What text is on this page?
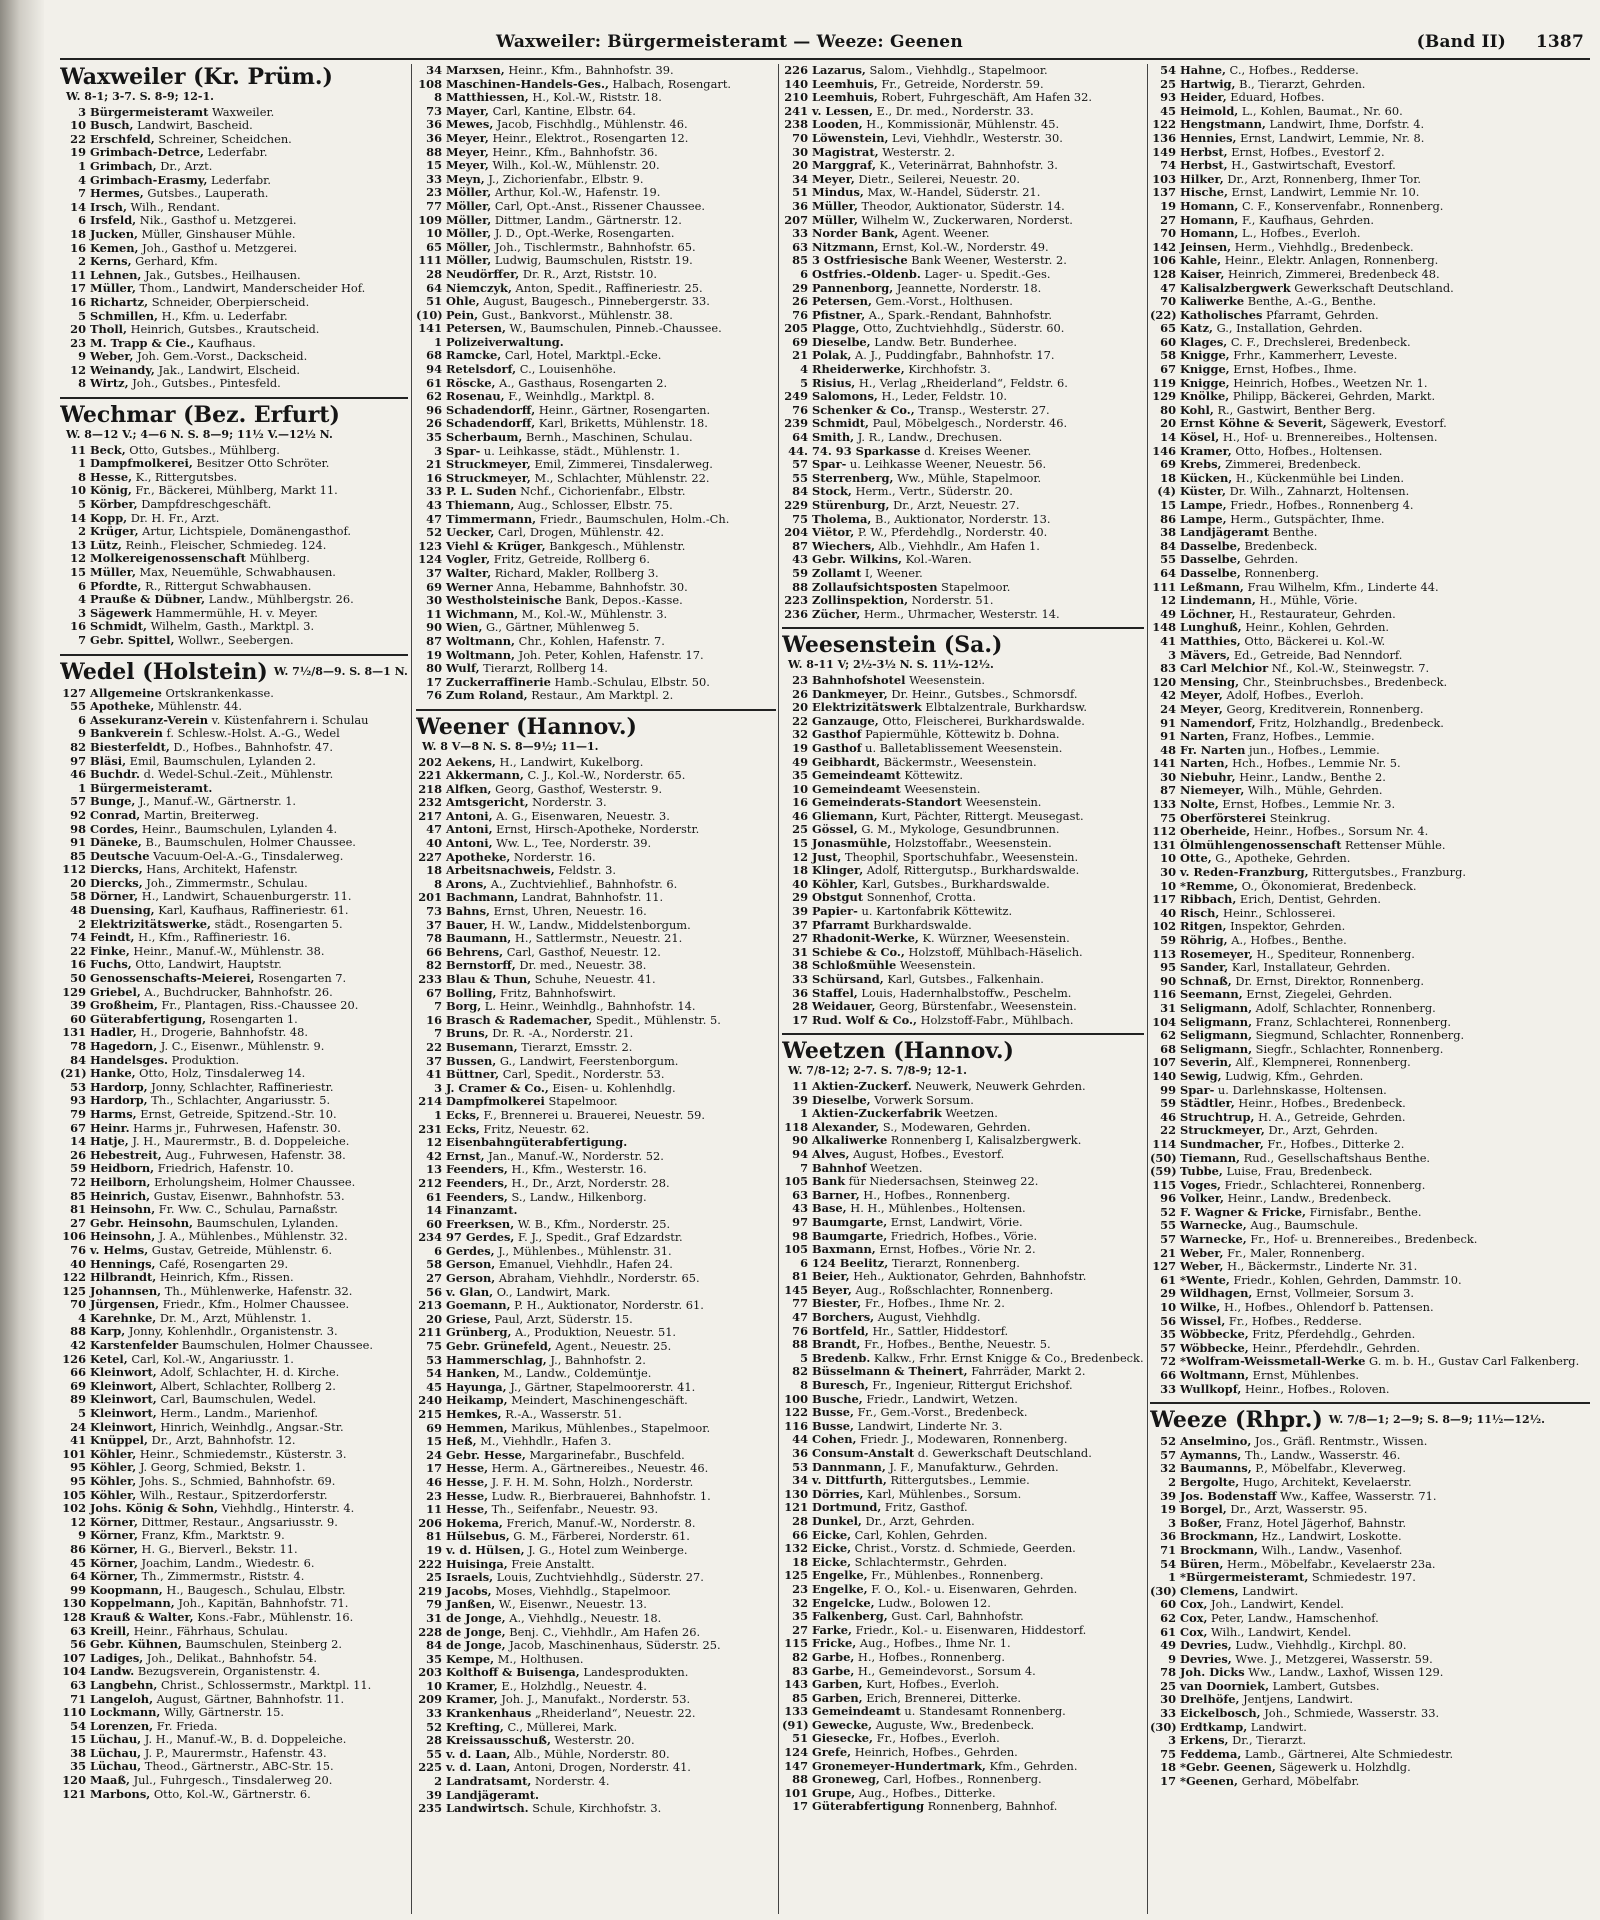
Waxweiler: Bürgermeisteramt — Weeze: Geenen	(Band II) 1387
Waxweiler (Kr. Prüm.)W. 8-1; 3-7. S. 8-9; 12-1.
3 Bürgermeisteramt Waxweiler.
10 Busch, Landwirt, Bascheid.
22 Erschfeld, Schreiner, Scheidchen.
19 Grimbach-Detrce, Lederfabr.
1 Grimbach, Dr., Arzt.
4 Grimbach-Erasmy, Lederfabr.
7 Hermes, Gutsbes., Lauperath.
14 Irsch, Wilh., Rendant.
6 Irsfeld, Nik., Gasthof u. Metzgerei.
18 Jucken, Müller, Ginshauser Mühle.
16 Kemen, Joh., Gasthof u. Metzgerei.
2 Kerns, Gerhard, Kfm.
11 Lehnen, Jak., Gutsbes., Heilhausen.
17 Müller, Thom., Landwirt, Manderscheider Hof.
16 Richartz, Schneider, Oberpierscheid.
5 Schmillen, H., Kfm. u. Lederfabr.
20 Tholl, Heinrich, Gutsbes., Krautscheid.
23 M. Trapp & Cie., Kaufhaus.
9 Weber, Joh. Gem.-Vorst., Dackscheid.
12 Weinandy, Jak., Landwirt, Elscheid.
8 Wirtz, Joh., Gutsbes., Pintesfeld.
Wechmar (Bez. Erfurt)W. 8—12 V.; 4—6 N. S. 8—9; 11½ V.—12½ N.
11 Beck, Otto, Gutsbes., Mühlberg.
1 Dampfmolkerei, Besitzer Otto Schröter.
8 Hesse, K., Rittergutsbes.
10 König, Fr., Bäckerei, Mühlberg, Markt 11.
5 Körber, Dampfdreschgeschäft.
14 Kopp, Dr. H. Fr., Arzt.
2 Krüger, Artur, Lichtspiele, Domänengasthof.
13 Lütz, Reinh., Fleischer, Schmiedeg. 124.
12 Molkereigenossenschaft Mühlberg.
15 Müller, Max, Neuemühle, Schwabhausen.
6 Pfordte, R., Rittergut Schwabhausen.
4 Prauße & Dübner, Landw., Mühlbergstr. 26.
3 Sägewerk Hammermühle, H. v. Meyer.
16 Schmidt, Wilhelm, Gasth., Marktpl. 3.
7 Gebr. Spittel, Wollwr., Seebergen.
Wedel (Holstein) W. 7½/8—9. S. 8—1 N.
127 Allgemeine Ortskrankenkasse.
55 Apotheke, Mühlenstr. 44.
6 Assekuranz-Verein v. Küstenfahrern i. Schulau
9 Bankverein f. Schlesw.-Holst. A.-G., Wedel
82 Biesterfeldt, D., Hofbes., Bahnhofstr. 47.
97 Bläsi, Emil, Baumschulen, Lylanden 2.
46 Buchdr. d. Wedel-Schul.-Zeit., Mühlenstr.
1 Bürgermeisteramt.
57 Bunge, J., Manuf.-W., Gärtnerstr. 1.
92 Conrad, Martin, Breiterweg.
98 Cordes, Heinr., Baumschulen, Lylanden 4.
91 Däneke, B., Baumschulen, Holmer Chaussee.
85 Deutsche Vacuum-Oel-A.-G., Tinsdalerweg.
112 Diercks, Hans, Architekt, Hafenstr.
20 Diercks, Joh., Zimmermstr., Schulau.
58 Dörner, H., Landwirt, Schauenburgerstr. 11.
48 Duensing, Karl, Kaufhaus, Raffineriestr. 61.
2 Elektrizitätswerke, städt., Rosengarten 5.
74 Feindt, H., Kfm., Raffineriestr. 16.
22 Finke, Heinr., Manuf.-W., Mühlenstr. 38.
16 Fuchs, Otto, Landwirt, Hauptstr.
50 Genossenschafts-Meierei, Rosengarten 7.
129 Griebel, A., Buchdrucker, Bahnhofstr. 26.
39 Großheim, Fr., Plantagen, Riss.-Chaussee 20.
60 Güterabfertigung, Rosengarten 1.
131 Hadler, H., Drogerie, Bahnhofstr. 48.
78 Hagedorn, J. C., Eisenwr., Mühlenstr. 9.
84 Handelsges. Produktion.
(21) Hanke, Otto, Holz, Tinsdalerweg 14.
53 Hardorp, Jonny, Schlachter, Raffineriestr.
93 Hardorp, Th., Schlachter, Angariusstr. 5.
79 Harms, Ernst, Getreide, Spitzend.-Str. 10.
67 Heinr. Harms jr., Fuhrwesen, Hafenstr. 30.
14 Hatje, J. H., Maurermstr., B. d. Doppeleiche.
26 Hebestreit, Aug., Fuhrwesen, Hafenstr. 38.
59 Heidborn, Friedrich, Hafenstr. 10.
72 Heilborn, Erholungsheim, Holmer Chaussee.
85 Heinrich, Gustav, Eisenwr., Bahnhofstr. 53.
81 Heinsohn, Fr. Ww. C., Schulau, Parnaßstr.
27 Gebr. Heinsohn, Baumschulen, Lylanden.
106 Heinsohn, J. A., Mühlenbes., Mühlenstr. 32.
76 v. Helms, Gustav, Getreide, Mühlenstr. 6.
40 Hennings, Café, Rosengarten 29.
122 Hilbrandt, Heinrich, Kfm., Rissen.
125 Johannsen, Th., Mühlenwerke, Hafenstr. 32.
70 Jürgensen, Friedr., Kfm., Holmer Chaussee.
4 Karehnke, Dr. M., Arzt, Mühlenstr. 1.
88 Karp, Jonny, Kohlenhdlr., Organistenstr. 3.
42 Karstenfelder Baumschulen, Holmer Chaussee.
126 Ketel, Carl, Kol.-W., Angariusstr. 1.
66 Kleinwort, Adolf, Schlachter, H. d. Kirche.
69 Kleinwort, Albert, Schlachter, Rollberg 2.
89 Kleinwort, Carl, Baumschulen, Wedel.
5 Kleinwort, Herm., Landm., Marienhof.
24 Kleinwort, Hinrich, Weinhdlg., Angsar.-Str.
41 Knüppel, Dr., Arzt, Bahnhofstr. 12.
101 Köhler, Heinr., Schmiedemstr., Küsterstr. 3.
95 Köhler, J. Georg, Schmied, Bekstr. 1.
95 Köhler, Johs. S., Schmied, Bahnhofstr. 69.
105 Köhler, Wilh., Restaur., Spitzerdorferstr.
102 Johs. König & Sohn, Viehhdlg., Hinterstr. 4.
12 Körner, Dittmer, Restaur., Angsariusstr. 9.
9 Körner, Franz, Kfm., Marktstr. 9.
86 Körner, H. G., Bierverl., Bekstr. 11.
45 Körner, Joachim, Landm., Wiedestr. 6.
64 Körner, Th., Zimmermstr., Riststr. 4.
99 Koopmann, H., Baugesch., Schulau, Elbstr.
130 Koppelmann, Joh., Kapitän, Bahnhofstr. 71.
128 Krauß & Walter, Kons.-Fabr., Mühlenstr. 16.
63 Kreill, Heinr., Fährhaus, Schulau.
56 Gebr. Kühnen, Baumschulen, Steinberg 2.
107 Ladiges, Joh., Delikat., Bahnhofstr. 54.
104 Landw. Bezugsverein, Organistenstr. 4.
63 Langbehn, Christ., Schlossermstr., Marktpl. 11.
71 Langeloh, August, Gärtner, Bahnhofstr. 11.
110 Lockmann, Willy, Gärtnerstr. 15.
54 Lorenzen, Fr. Frieda.
15 Lüchau, J. H., Manuf.-W., B. d. Doppeleiche.
38 Lüchau, J. P., Maurermstr., Hafenstr. 43.
35 Lüchau, Theod., Gärtnerstr., ABC-Str. 15.
120 Maaß, Jul., Fuhrgesch., Tinsdalerweg 20.
121 Marbons, Otto, Kol.-W., Gärtnerstr. 6.
34 Marxsen, Heinr., Kfm., Bahnhofstr. 39.
108 Maschinen-Handels-Ges., Halbach, Rosengart.
8 Matthiessen, H., Kol.-W., Riststr. 18.
73 Mayer, Carl, Kantine, Elbstr. 64.
36 Mewes, Jacob, Fischhdlg., Mühlenstr. 46.
36 Meyer, Heinr., Elektrot., Rosengarten 12.
88 Meyer, Heinr., Kfm., Bahnhofstr. 36.
15 Meyer, Wilh., Kol.-W., Mühlenstr. 20.
33 Meyn, J., Zichorienfabr., Elbstr. 9.
23 Möller, Arthur, Kol.-W., Hafenstr. 19.
77 Möller, Carl, Opt.-Anst., Rissener Chaussee.
109 Möller, Dittmer, Landm., Gärtnerstr. 12.
10 Möller, J. D., Opt.-Werke, Rosengarten.
65 Möller, Joh., Tischlermstr., Bahnhofstr. 65.
111 Möller, Ludwig, Baumschulen, Riststr. 19.
28 Neudörffer, Dr. R., Arzt, Riststr. 10.
64 Niemczyk, Anton, Spedit., Raffineriestr. 25.
51 Ohle, August, Baugesch., Pinnebergerstr. 33.
(10) Pein, Gust., Bankvorst., Mühlenstr. 38.
141 Petersen, W., Baumschulen, Pinneb.-Chaussee.
1 Polizeiverwaltung.
68 Ramcke, Carl, Hotel, Marktpl.-Ecke.
94 Retelsdorf, C., Louisenhöhe.
61 Röscke, A., Gasthaus, Rosengarten 2.
62 Rosenau, F., Weinhdlg., Marktpl. 8.
96 Schadendorff, Heinr., Gärtner, Rosengarten.
26 Schadendorff, Karl, Briketts, Mühlenstr. 18.
35 Scherbaum, Bernh., Maschinen, Schulau.
3 Spar- u. Leihkasse, städt., Mühlenstr. 1.
21 Struckmeyer, Emil, Zimmerei, Tinsdalerweg.
16 Struckmeyer, M., Schlachter, Mühlenstr. 22.
33 P. L. Suden Nchf., Cichorienfabr., Elbstr.
43 Thiemann, Aug., Schlosser, Elbstr. 75.
47 Timmermann, Friedr., Baumschulen, Holm.-Ch.
52 Uecker, Carl, Drogen, Mühlenstr. 42.
123 Viehl & Krüger, Bankgesch., Mühlenstr.
124 Vogler, Fritz, Getreide, Rollberg 6.
37 Walter, Richard, Makler, Rollberg 3.
69 Werner Anna, Hebamme, Bahnhofstr. 30.
30 Westholsteinische Bank, Depos.-Kasse.
11 Wichmann, M., Kol.-W., Mühlenstr. 3.
90 Wien, G., Gärtner, Mühlenweg 5.
87 Woltmann, Chr., Kohlen, Hafenstr. 7.
19 Woltmann, Joh. Peter, Kohlen, Hafenstr. 17.
80 Wulf, Tierarzt, Rollberg 14.
17 Zuckerraffinerie Hamb.-Schulau, Elbstr. 50.
76 Zum Roland, Restaur., Am Marktpl. 2.
Weener (Hannov.)W. 8 V—8 N. S. 8—9½; 11—1.
202 Aekens, H., Landwirt, Kukelborg.
221 Akkermann, C. J., Kol.-W., Norderstr. 65.
218 Alfken, Georg, Gasthof, Westerstr. 9.
232 Amtsgericht, Norderstr. 3.
217 Antoni, A. G., Eisenwaren, Neuestr. 3.
47 Antoni, Ernst, Hirsch-Apotheke, Norderstr.
40 Antoni, Ww. L., Tee, Norderstr. 39.
227 Apotheke, Norderstr. 16.
18 Arbeitsnachweis, Feldstr. 3.
8 Arons, A., Zuchtviehlief., Bahnhofstr. 6.
201 Bachmann, Landrat, Bahnhofstr. 11.
73 Bahns, Ernst, Uhren, Neuestr. 16.
37 Bauer, H. W., Landw., Middelstenborgum.
78 Baumann, H., Sattlermstr., Neuestr. 21.
66 Behrens, Carl, Gasthof, Neuestr. 12.
82 Bernstorff, Dr. med., Neuestr. 38.
233 Blau & Thun, Schuhe, Neuestr. 41.
67 Bolling, Fritz, Bahnhofswirt.
7 Borg, L. Heinr., Weinhdlg., Bahnhofstr. 14.
16 Brasch & Rademacher, Spedit., Mühlenstr. 5.
7 Bruns, Dr. R. -A., Norderstr. 21.
22 Busemann, Tierarzt, Emsstr. 2.
37 Bussen, G., Landwirt, Feerstenborgum.
41 Büttner, Carl, Spedit., Norderstr. 53.
3 J. Cramer & Co., Eisen- u. Kohlenhdlg.
214 Dampfmolkerei Stapelmoor.
1 Ecks, F., Brennerei u. Brauerei, Neuestr. 59.
231 Ecks, Fritz, Neuestr. 62.
12 Eisenbahngüterabfertigung.
42 Ernst, Jan., Manuf.-W., Norderstr. 52.
13 Feenders, H., Kfm., Westerstr. 16.
212 Feenders, H., Dr., Arzt, Norderstr. 28.
61 Feenders, S., Landw., Hilkenborg.
14 Finanzamt.
60 Freerksen, W. B., Kfm., Norderstr. 25.
234 97 Gerdes, F. J., Spedit., Graf Edzardstr.
6 Gerdes, J., Mühlenbes., Mühlenstr. 31.
58 Gerson, Emanuel, Viehhdlr., Hafen 24.
27 Gerson, Abraham, Viehhdlr., Norderstr. 65.
56 v. Glan, O., Landwirt, Mark.
213 Goemann, P. H., Auktionator, Norderstr. 61.
20 Griese, Paul, Arzt, Süderstr. 15.
211 Grünberg, A., Produktion, Neuestr. 51.
75 Gebr. Grünefeld, Agent., Neuestr. 25.
53 Hammerschlag, J., Bahnhofstr. 2.
54 Hanken, M., Landw., Coldemüntje.
45 Hayunga, J., Gärtner, Stapelmoorerstr. 41.
240 Heikamp, Meindert, Maschinengeschäft.
215 Hemkes, R.-A., Wasserstr. 51.
69 Hemmen, Marikus, Mühlenbes., Stapelmoor.
15 Heß, M., Viehhdlr., Hafen 3.
24 Gebr. Hesse, Margarinefabr., Buschfeld.
17 Hesse, Herm. A., Gärtnereibes., Neuestr. 46.
46 Hesse, J. F. H. M. Sohn, Holzh., Norderstr.
23 Hesse, Ludw. R., Bierbrauerei, Bahnhofstr. 1.
11 Hesse, Th., Seifenfabr., Neuestr. 93.
206 Hokema, Frerich, Manuf.-W., Norderstr. 8.
81 Hülsebus, G. M., Färberei, Norderstr. 61.
19 v. d. Hülsen, J. G., Hotel zum Weinberge.
222 Huisinga, Freie Anstaltt.
25 Israels, Louis, Zuchtviehhdlg., Süderstr. 27.
219 Jacobs, Moses, Viehhdlg., Stapelmoor.
79 Janßen, W., Eisenwr., Neuestr. 13.
31 de Jonge, A., Viehhdlg., Neuestr. 18.
228 de Jonge, Benj. C., Viehhdlr., Am Hafen 26.
84 de Jonge, Jacob, Maschinenhaus, Süderstr. 25.
35 Kempe, M., Holthusen.
203 Kolthoff & Buisenga, Landesprodukten.
10 Kramer, E., Holzhdlg., Neuestr. 4.
209 Kramer, Joh. J., Manufakt., Norderstr. 53.
33 Krankenhaus „Rheiderland“, Neuestr. 22.
52 Krefting, C., Müllerei, Mark.
28 Kreissausschuß, Westerstr. 20.
55 v. d. Laan, Alb., Mühle, Norderstr. 80.
225 v. d. Laan, Antoni, Drogen, Norderstr. 41.
2 Landratsamt, Norderstr. 4.
39 Landjägeramt.
235 Landwirtsch. Schule, Kirchhofstr. 3.
226 Lazarus, Salom., Viehhdlg., Stapelmoor.
140 Leemhuis, Fr., Getreide, Norderstr. 59.
210 Leemhuis, Robert, Fuhrgeschäft, Am Hafen 32.
241 v. Lessen, E., Dr. med., Norderstr. 33.
238 Looden, H., Kommissionär, Mühlenstr. 45.
70 Löwenstein, Levi, Viehhdlr., Westerstr. 30.
30 Magistrat, Westerstr. 2.
20 Marggraf, K., Veterinärrat, Bahnhofstr. 3.
34 Meyer, Dietr., Seilerei, Neuestr. 20.
51 Mindus, Max, W.-Handel, Süderstr. 21.
36 Müller, Theodor, Auktionator, Süderstr. 14.
207 Müller, Wilhelm W., Zuckerwaren, Norderst.
33 Norder Bank, Agent. Weener.
63 Nitzmann, Ernst, Kol.-W., Norderstr. 49.
85 3 Ostfriesische Bank Weener, Westerstr. 2.
6 Ostfries.-Oldenb. Lager- u. Spedit.-Ges.
29 Pannenborg, Jeannette, Norderstr. 18.
26 Petersen, Gem.-Vorst., Holthusen.
76 Pfistner, A., Spark.-Rendant, Bahnhofstr.
205 Plagge, Otto, Zuchtviehhdlg., Süderstr. 60.
69 Dieselbe, Landw. Betr. Bunderhee.
21 Polak, A. J., Puddingfabr., Bahnhofstr. 17.
4 Rheiderwerke, Kirchhofstr. 3.
5 Risius, H., Verlag „Rheiderland“, Feldstr. 6.
249 Salomons, H., Leder, Feldstr. 10.
76 Schenker & Co., Transp., Westerstr. 27.
239 Schmidt, Paul, Möbelgesch., Norderstr. 46.
64 Smith, J. R., Landw., Drechusen.
44. 74. 93 Sparkasse d. Kreises Weener.
57 Spar- u. Leihkasse Weener, Neuestr. 56.
55 Sterrenberg, Ww., Mühle, Stapelmoor.
84 Stock, Herm., Vertr., Süderstr. 20.
229 Stürenburg, Dr., Arzt, Neuestr. 27.
75 Tholema, B., Auktionator, Norderstr. 13.
204 Viëtor, P. W., Pferdehdlg., Norderstr. 40.
87 Wiechers, Alb., Viehhdlr., Am Hafen 1.
43 Gebr. Wilkins, Kol.-Waren.
59 Zollamt I, Weener.
88 Zollaufsichtsposten Stapelmoor.
223 Zollinspektion, Norderstr. 51.
236 Zücher, Herm., Uhrmacher, Westerstr. 14.
Weesenstein (Sa.)W. 8-11 V; 2½-3½ N. S. 11½-12½.
23 Bahnhofshotel Weesenstein.
26 Dankmeyer, Dr. Heinr., Gutsbes., Schmorsdf.
20 Elektrizitätswerk Elbtalzentrale, Burkhardsw.
22 Ganzauge, Otto, Fleischerei, Burkhardswalde.
32 Gasthof Papiermühle, Köttewitz b. Dohna.
19 Gasthof u. Balletablissement Weesenstein.
49 Geibhardt, Bäckermstr., Weesenstein.
35 Gemeindeamt Köttewitz.
10 Gemeindeamt Weesenstein.
16 Gemeinderats-Standort Weesenstein.
46 Gliemann, Kurt, Pächter, Rittergt. Meusegast.
25 Gössel, G. M., Mykologe, Gesundbrunnen.
15 Jonasmühle, Holzstoffabr., Weesenstein.
12 Just, Theophil, Sportschuhfabr., Weesenstein.
18 Klinger, Adolf, Rittergutsp., Burkhardswalde.
40 Köhler, Karl, Gutsbes., Burkhardswalde.
29 Obstgut Sonnenhof, Crotta.
39 Papier- u. Kartonfabrik Köttewitz.
37 Pfarramt Burkhardswalde.
27 Rhadonit-Werke, K. Würzner, Weesenstein.
31 Schiebe & Co., Holzstoff, Mühlbach-Häselich.
38 Schloßmühle Weesenstein.
33 Schürsand, Karl, Gutsbes., Falkenhain.
36 Staffel, Louis, Hadernhalbstoffw., Peschelm.
28 Weidauer, Georg, Bürstenfabr., Weesenstein.
17 Rud. Wolf & Co., Holzstoff-Fabr., Mühlbach.
Weetzen (Hannov.)W. 7/8-12; 2-7. S. 7/8-9; 12-1.
11 Aktien-Zuckerf. Neuwerk, Neuwerk Gehrden.
39 Dieselbe, Vorwerk Sorsum.
1 Aktien-Zuckerfabrik Weetzen.
118 Alexander, S., Modewaren, Gehrden.
90 Alkaliwerke Ronnenberg I, Kalisalzbergwerk.
94 Alves, August, Hofbes., Evestorf.
7 Bahnhof Weetzen.
105 Bank für Niedersachsen, Steinweg 22.
63 Barner, H., Hofbes., Ronnenberg.
43 Base, H. H., Mühlenbes., Holtensen.
97 Baumgarte, Ernst, Landwirt, Vörie.
98 Baumgarte, Friedrich, Hofbes., Vörie.
105 Baxmann, Ernst, Hofbes., Vörie Nr. 2.
6 124 Beelitz, Tierarzt, Ronnenberg.
81 Beier, Heh., Auktionator, Gehrden, Bahnhofstr.
145 Beyer, Aug., Roßschlachter, Ronnenberg.
77 Biester, Fr., Hofbes., Ihme Nr. 2.
47 Borchers, August, Viehhdlg.
76 Bortfeld, Hr., Sattler, Hiddestorf.
88 Brandt, Fr., Hofbes., Benthe, Neuestr. 5.
5 Bredenb. Kalkw., Frhr. Ernst Knigge & Co., Bredenbeck.
82 Büsselmann & Theinert, Fahrräder, Markt 2.
8 Buresch, Fr., Ingenieur, Rittergut Erichshof.
100 Busche, Friedr., Landwirt, Wetzen.
122 Busse, Fr., Gem.-Vorst., Bredenbeck.
116 Busse, Landwirt, Linderte Nr. 3.
44 Cohen, Friedr. J., Modewaren, Ronnenberg.
36 Consum-Anstalt d. Gewerkschaft Deutschland.
53 Dannmann, J. F., Manufakturw., Gehrden.
34 v. Dittfurth, Rittergutsbes., Lemmie.
130 Dörries, Karl, Mühlenbes., Sorsum.
121 Dortmund, Fritz, Gasthof.
28 Dunkel, Dr., Arzt, Gehrden.
66 Eicke, Carl, Kohlen, Gehrden.
132 Eicke, Christ., Vorstz. d. Schmiede, Geerden.
18 Eicke, Schlachtermstr., Gehrden.
125 Engelke, Fr., Mühlenbes., Ronnenberg.
23 Engelke, F. O., Kol.- u. Eisenwaren, Gehrden.
32 Engelcke, Ludw., Bolowen 12.
35 Falkenberg, Gust. Carl, Bahnhofstr.
27 Farke, Friedr., Kol.- u. Eisenwaren, Hiddestorf.
115 Fricke, Aug., Hofbes., Ihme Nr. 1.
82 Garbe, H., Hofbes., Ronnenberg.
83 Garbe, H., Gemeindevorst., Sorsum 4.
143 Garben, Kurt, Hofbes., Everloh.
85 Garben, Erich, Brennerei, Ditterke.
133 Gemeindeamt u. Standesamt Ronnenberg.
(91) Gewecke, Auguste, Ww., Bredenbeck.
51 Giesecke, Fr., Hofbes., Everloh.
124 Grefe, Heinrich, Hofbes., Gehrden.
147 Gronemeyer-Hundertmark, Kfm., Gehrden.
88 Groneweg, Carl, Hofbes., Ronnenberg.
101 Grupe, Aug., Hofbes., Ditterke.
17 Güterabfertigung Ronnenberg, Bahnhof.
54 Hahne, C., Hofbes., Redderse.
25 Hartwig, B., Tierarzt, Gehrden.
93 Heider, Eduard, Hofbes.
45 Heimold, L., Kohlen, Baumat., Nr. 60.
122 Hengstmann, Landwirt, Ihme, Dorfstr. 4.
136 Hennies, Ernst, Landwirt, Lemmie, Nr. 8.
149 Herbst, Ernst, Hofbes., Evestorf 2.
74 Herbst, H., Gastwirtschaft, Evestorf.
103 Hilker, Dr., Arzt, Ronnenberg, Ihmer Tor.
137 Hische, Ernst, Landwirt, Lemmie Nr. 10.
19 Homann, C. F., Konservenfabr., Ronnenberg.
27 Homann, F., Kaufhaus, Gehrden.
70 Homann, L., Hofbes., Everloh.
142 Jeinsen, Herm., Viehhdlg., Bredenbeck.
106 Kahle, Heinr., Elektr. Anlagen, Ronnenberg.
128 Kaiser, Heinrich, Zimmerei, Bredenbeck 48.
47 Kalisalzbergwerk Gewerkschaft Deutschland.
70 Kaliwerke Benthe, A.-G., Benthe.
(22) Katholisches Pfarramt, Gehrden.
65 Katz, G., Installation, Gehrden.
60 Klages, C. F., Drechslerei, Bredenbeck.
58 Knigge, Frhr., Kammerherr, Leveste.
67 Knigge, Ernst, Hofbes., Ihme.
119 Knigge, Heinrich, Hofbes., Weetzen Nr. 1.
129 Knölke, Philipp, Bäckerei, Gehrden, Markt.
80 Kohl, R., Gastwirt, Benther Berg.
20 Ernst Köhne & Severit, Sägewerk, Evestorf.
14 Kösel, H., Hof- u. Brennereibes., Holtensen.
146 Kramer, Otto, Hofbes., Holtensen.
69 Krebs, Zimmerei, Bredenbeck.
18 Kücken, H., Kückenmühle bei Linden.
(4) Küster, Dr. Wilh., Zahnarzt, Holtensen.
15 Lampe, Friedr., Hofbes., Ronnenberg 4.
86 Lampe, Herm., Gutspächter, Ihme.
38 Landjägeramt Benthe.
84 Dasselbe, Bredenbeck.
55 Dasselbe, Gehrden.
64 Dasselbe, Ronnenberg.
111 Leßmann, Frau Wilhelm, Kfm., Linderte 44.
12 Lindemann, H., Mühle, Vörie.
49 Löchner, H., Restaurateur, Gehrden.
148 Lunghuß, Heinr., Kohlen, Gehrden.
41 Matthies, Otto, Bäckerei u. Kol.-W.
3 Mävers, Ed., Getreide, Bad Nenndorf.
83 Carl Melchior Nf., Kol.-W., Steinwegstr. 7.
120 Mensing, Chr., Steinbruchsbes., Bredenbeck.
42 Meyer, Adolf, Hofbes., Everloh.
24 Meyer, Georg, Kreditverein, Ronnenberg.
91 Namendorf, Fritz, Holzhandlg., Bredenbeck.
91 Narten, Franz, Hofbes., Lemmie.
48 Fr. Narten jun., Hofbes., Lemmie.
141 Narten, Hch., Hofbes., Lemmie Nr. 5.
30 Niebuhr, Heinr., Landw., Benthe 2.
87 Niemeyer, Wilh., Mühle, Gehrden.
133 Nolte, Ernst, Hofbes., Lemmie Nr. 3.
75 Oberförsterei Steinkrug.
112 Oberheide, Heinr., Hofbes., Sorsum Nr. 4.
131 Ölmühlengenossenschaft Rettenser Mühle.
10 Otte, G., Apotheke, Gehrden.
30 v. Reden-Franzburg, Rittergutsbes., Franzburg.
10 *Remme, O., Ökonomierat, Bredenbeck.
117 Ribbach, Erich, Dentist, Gehrden.
40 Risch, Heinr., Schlosserei.
102 Ritgen, Inspektor, Gehrden.
59 Röhrig, A., Hofbes., Benthe.
113 Rosemeyer, H., Spediteur, Ronnenberg.
95 Sander, Karl, Installateur, Gehrden.
90 Schnaß, Dr. Ernst, Direktor, Ronnenberg.
116 Seemann, Ernst, Ziegelei, Gehrden.
31 Seligmann, Adolf, Schlachter, Ronnenberg.
104 Seligmann, Franz, Schlachterei, Ronnenberg.
62 Seligmann, Siegmund, Schlachter, Ronnenberg.
68 Seligmann, Siegfr., Schlachter, Ronnenberg.
107 Severin, Alf., Klempnerei, Ronnenberg.
140 Sewig, Ludwig, Kfm., Gehrden.
99 Spar- u. Darlehnskasse, Holtensen.
59 Städtler, Heinr., Hofbes., Bredenbeck.
46 Struchtrup, H. A., Getreide, Gehrden.
22 Struckmeyer, Dr., Arzt, Gehrden.
114 Sundmacher, Fr., Hofbes., Ditterke 2.
(50) Tiemann, Rud., Gesellschaftshaus Benthe.
(59) Tubbe, Luise, Frau, Bredenbeck.
115 Voges, Friedr., Schlachterei, Ronnenberg.
96 Volker, Heinr., Landw., Bredenbeck.
52 F. Wagner & Fricke, Firnisfabr., Benthe.
55 Warnecke, Aug., Baumschule.
57 Warnecke, Fr., Hof- u. Brennereibes., Bredenbeck.
21 Weber, Fr., Maler, Ronnenberg.
127 Weber, H., Bäckermstr., Linderte Nr. 31.
61 *Wente, Friedr., Kohlen, Gehrden, Dammstr. 10.
29 Wildhagen, Ernst, Vollmeier, Sorsum 3.
10 Wilke, H., Hofbes., Ohlendorf b. Pattensen.
56 Wissel, Fr., Hofbes., Redderse.
35 Wöbbecke, Fritz, Pferdehdlg., Gehrden.
57 Wöbbecke, Heinr., Pferdehdlr., Gehrden.
72 *Wolfram-Weissmetall-Werke G. m. b. H., Gustav Carl Falkenberg.
66 Woltmann, Ernst, Mühlenbes.
33 Wullkopf, Heinr., Hofbes., Roloven.
Weeze (Rhpr.) W. 7/8—1; 2—9; S. 8—9; 11½—12½.
52 Anselmino, Jos., Gräfl. Rentmstr., Wissen.
57 Aymanns, Th., Landw., Wasserstr. 46.
32 Baumanns, P., Möbelfabr., Kleverweg.
2 Bergolte, Hugo, Architekt, Kevelaerstr.
39 Jos. Bodenstaff Ww., Kaffee, Wasserstr. 71.
19 Borgel, Dr., Arzt, Wasserstr. 95.
3 Boßer, Franz, Hotel Jägerhof, Bahnstr.
36 Brockmann, Hz., Landwirt, Loskotte.
71 Brockmann, Wilh., Landw., Vasenhof.
54 Büren, Herm., Möbelfabr., Kevelaerstr 23a.
1 *Bürgermeisteramt, Schmiedestr. 197.
(30) Clemens, Landwirt.
60 Cox, Joh., Landwirt, Kendel.
62 Cox, Peter, Landw., Hamschenhof.
61 Cox, Wilh., Landwirt, Kendel.
49 Devries, Ludw., Viehhdlg., Kirchpl. 80.
9 Devries, Wwe. J., Metzgerei, Wasserstr. 59.
78 Joh. Dicks Ww., Landw., Laxhof, Wissen 129.
25 van Doorniek, Lambert, Gutsbes.
30 Drelhöfe, Jentjens, Landwirt.
33 Eickelbosch, Joh., Schmiede, Wasserstr. 33.
(30) Erdtkamp, Landwirt.
3 Erkens, Dr., Tierarzt.
75 Feddema, Lamb., Gärtnerei, Alte Schmiedestr.
18 *Gebr. Geenen, Sägewerk u. Holzhdlg.
17 *Geenen, Gerhard, Möbelfabr.
